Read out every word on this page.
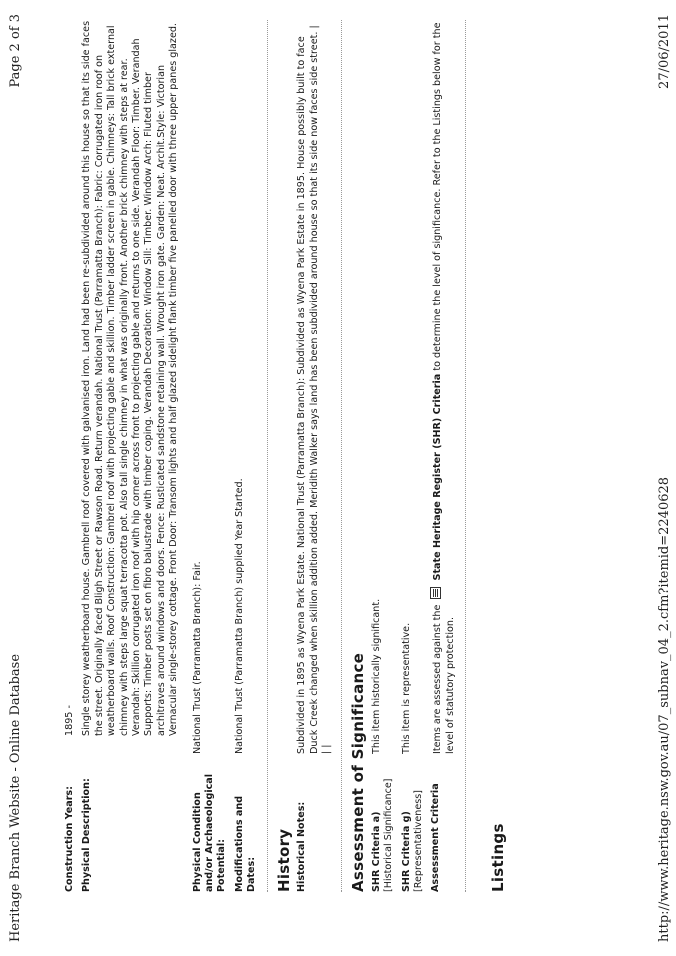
Heritage Branch Website - Online Database
Page 2 of 3
Construction Years:
1895 -
Physical Description:
Single storey weatherboard house. Gambrell roof covered with galvanised iron. Land had been re-subdivided around this house so that its side faces the street. Originally faced Bligh Street or Rawson Road. Return verandah. National Trust (Parramatta Branch): Fabric: Corrugated iron roof on weatherboard walls. Roof Construction: Gambrel roof with projecting gable and skillion. Timber ladder screen in gable. Chimneys: Tall brick external chimney with steps large squat terracotta pot. Also tall single chimney in what was originally front. Another brick chimney with steps at rear. Verandah: Skillion corrugated iron roof with hip corner across front to projecting gable and returns to one side. Verandah Floor: Timber. Verandah Supports: Timber posts set on fibro balustrade with timber coping. Verandah Decoration: Window Sill: Timber. Window Arch: Fluted timber architraves around windows and doors. Fence: Rusticated sandstone retaining wall. Wrought iron gate. Garden: Neat. Archit.Style: Victorian Vernacular single-storey cottage. Front Door: Transom lights and half glazed sidelight flank timber five panelled door with three upper panes glazed.
Physical Condition and/or Archaeological Potential:
National Trust (Parramatta Branch): Fair.
Modifications and Dates:
National Trust (Parramatta Branch) supplied Year Started.
History Historical Notes:
Subdivided in 1895 as Wyena Park Estate. National Trust (Parramatta Branch): Subdivided as Wyena Park Estate in 1895. House possibly built to face Duck Creek changed when skillion addition added. Meridith Walker says land has been subdivided around house so that its side now faces side street. | | | Assessment of Significance SHR Criteria a) [Historical Significance]
This item historically significant.
SHR Criteria g) [Representativeness]
This item is representative.
Assessment Criteria
Items are assessed against the  State Heritage Register (SHR) Criteria to determine the level of significance. Refer to the Listings below for the level of statutory protection.
Listings	http://www.heritage.nsw.gov.au/07_subnav_04_2.cfm?itemid=2240628
27/06/2011
